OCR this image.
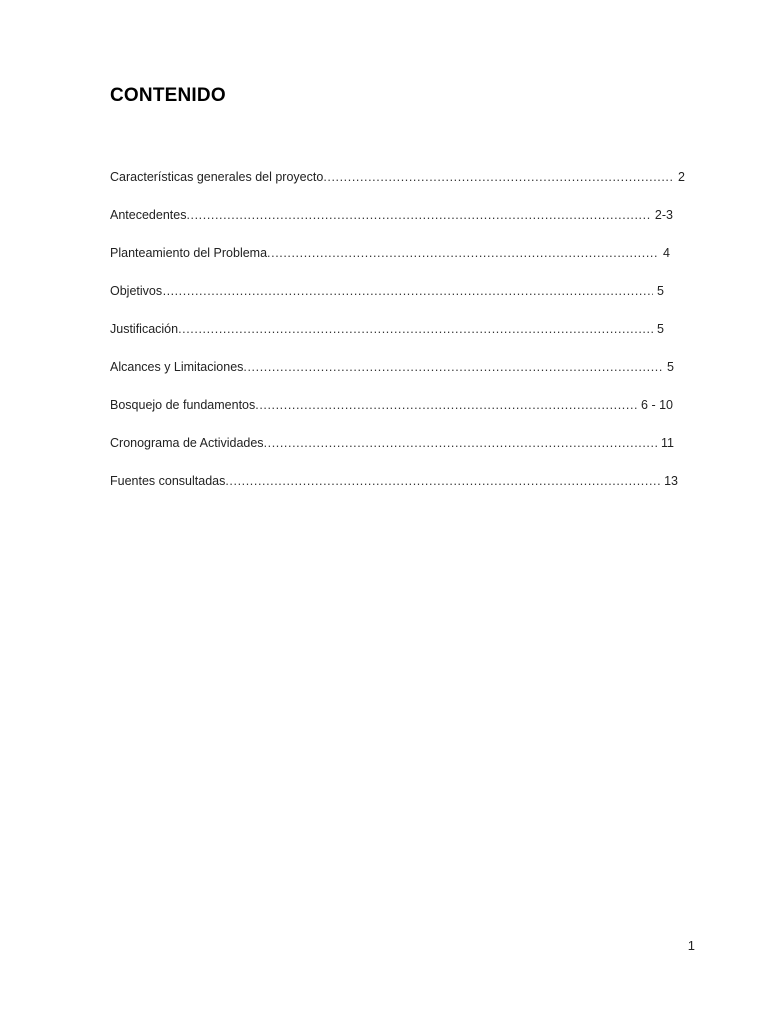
CONTENIDO
Características generales del proyecto .....	2
Antecedentes .....	2-3
Planteamiento del Problema .....	4
Objetivos… .....	5
Justificación .....	5
Alcances y Limitaciones .....	5
Bosquejo de fundamentos .....	6 - 10
Cronograma de Actividades .....	11
Fuentes consultadas .....	13
1
